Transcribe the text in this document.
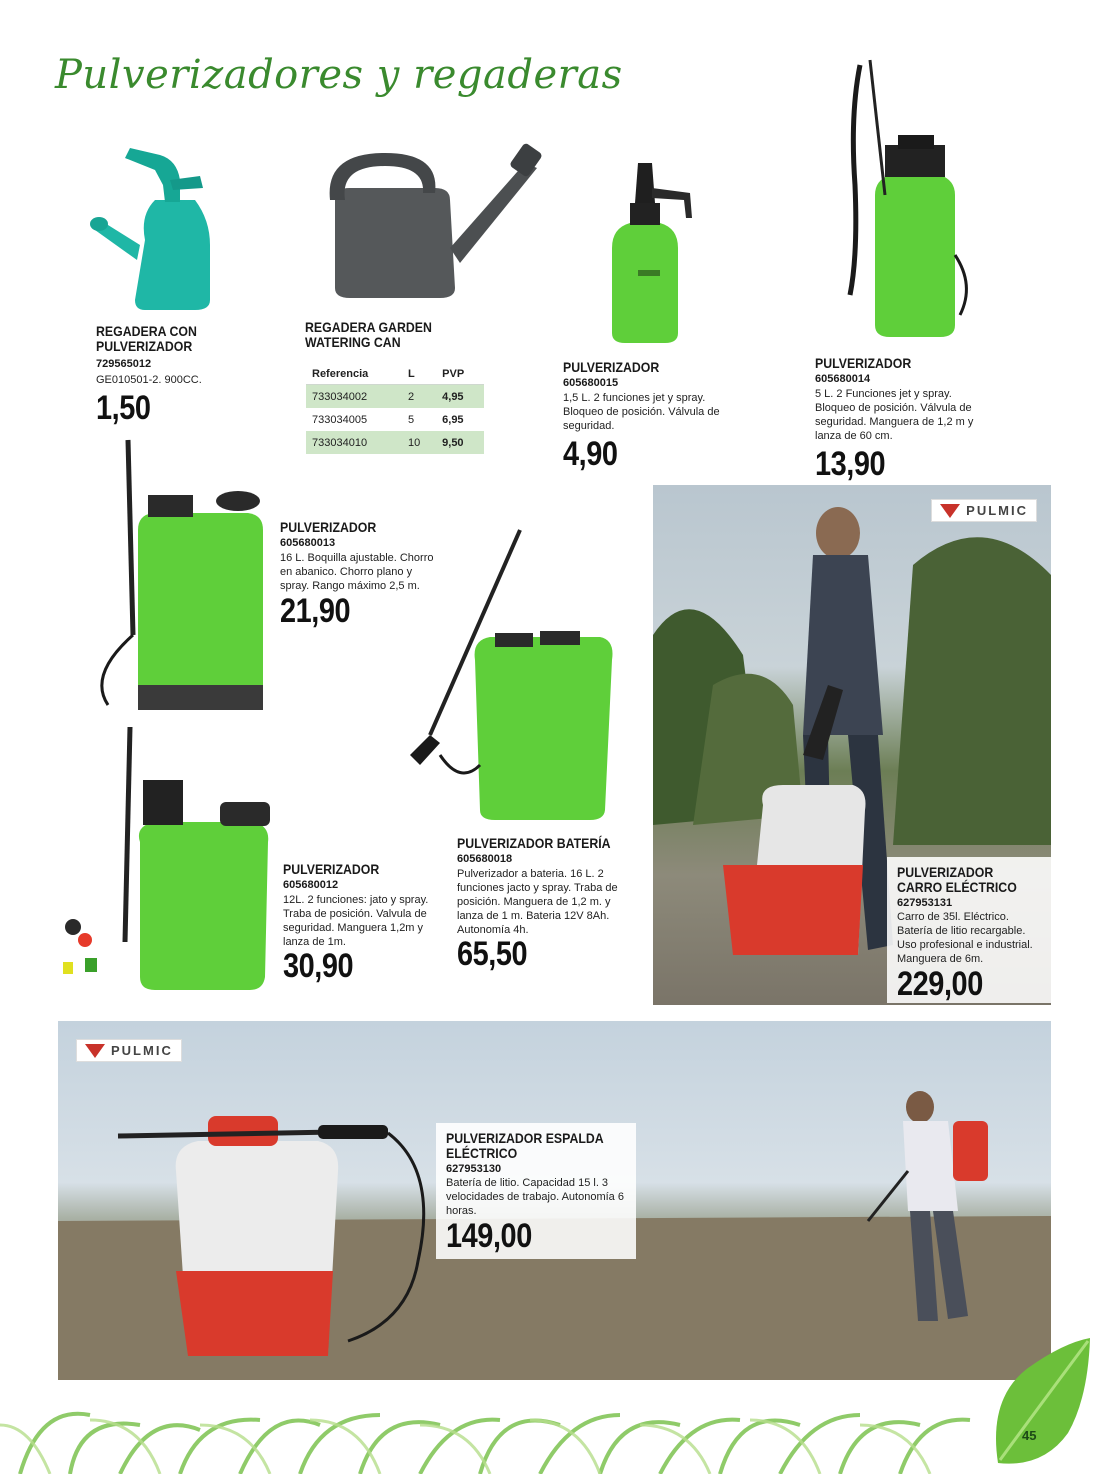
Pulverizadores y regaderas
REGADERA CON PULVERIZADOR
729565012
GE010501-2. 900CC.
1,50
REGADERA GARDEN WATERING CAN
Referencia	L	PVP
733034002	2	4,95
733034005	5	6,95
733034010	10	9,50
PULVERIZADOR
605680015
1,5 L. 2 funciones jet y spray. Bloqueo de posición. Válvula de seguridad.
4,90
PULVERIZADOR
605680014
5 L. 2 Funciones jet y spray. Bloqueo de posición. Válvula de seguridad. Manguera de 1,2 m y lanza de 60 cm.
13,90
PULVERIZADOR
605680013
16 L. Boquilla ajustable. Chorro en abanico. Chorro plano y spray. Rango máximo 2,5 m.
21,90
PULVERIZADOR BATERÍA
605680018
Pulverizador a bateria. 16 L. 2 funciones jacto y spray. Traba de posición. Manguera de 1,2 m. y lanza de 1 m. Bateria 12V 8Ah. Autonomía 4h.
65,50
PULVERIZADOR
605680012
12L. 2 funciones: jato y spray. Traba de posición. Valvula de seguridad. Manguera 1,2m y lanza de 1m.
30,90
PULMIC
PULVERIZADOR CARRO ELÉCTRICO
627953131
Carro de 35l. Eléctrico. Batería de litio recargable. Uso profesional e industrial. Manguera de 6m.
229,00
PULMIC
PULVERIZADOR ESPALDA ELÉCTRICO
627953130
Batería de litio. Capacidad 15 l. 3 velocidades de trabajo. Autonomía 6 horas.
149,00
45
